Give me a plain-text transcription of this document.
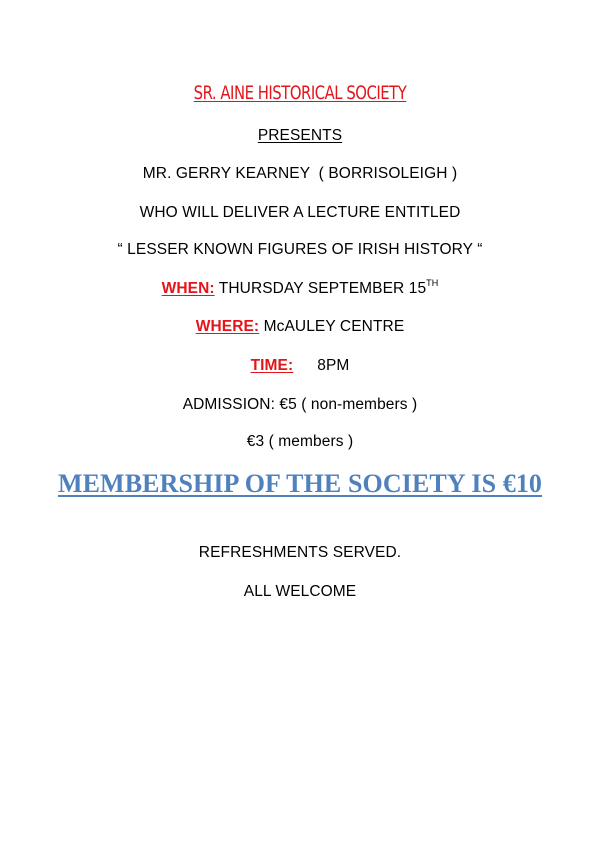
SR. AINE HISTORICAL SOCIETY
PRESENTS
MR. GERRY KEARNEY  ( BORRISOLEIGH )
WHO WILL DELIVER A LECTURE ENTITLED
“ LESSER KNOWN FIGURES OF IRISH HISTORY “
WHEN: THURSDAY SEPTEMBER 15TH
WHERE: McAULEY CENTRE
TIME: 8PM
ADMISSION: €5 ( non-members )
€3 ( members )
MEMBERSHIP OF THE SOCIETY IS €10
REFRESHMENTS SERVED.
ALL WELCOME
